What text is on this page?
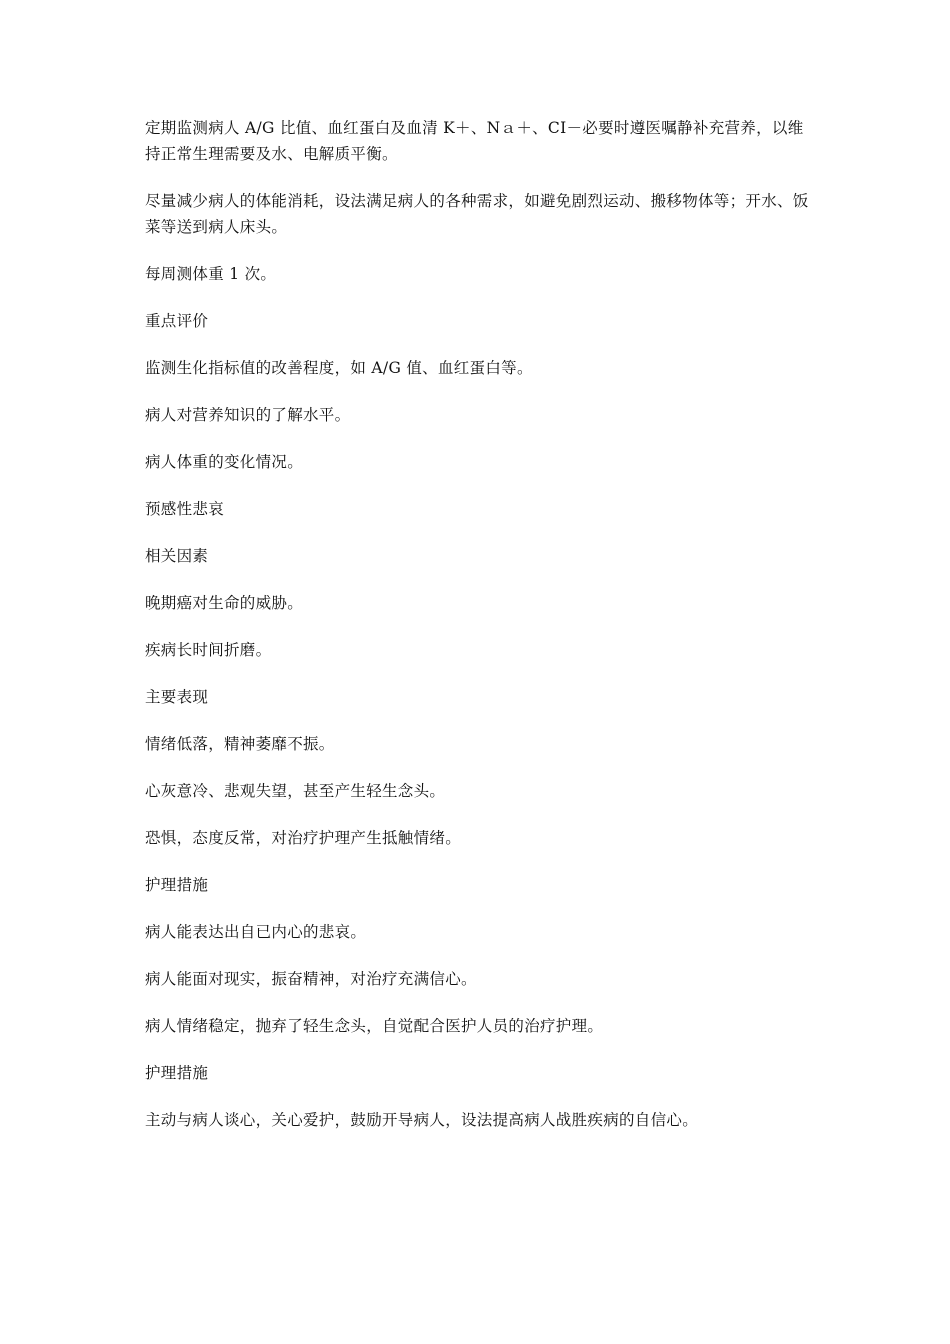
定期监测病人 A/G 比值、血红蛋白及血清 K＋、Nａ＋、CI－必要时遵医嘱静补充营养，以维持正常生理需要及水、电解质平衡。

尽量减少病人的体能消耗，设法满足病人的各种需求，如避免剧烈运动、搬移物体等；开水、饭菜等送到病人床头。

每周测体重 1 次。

重点评价

监测生化指标值的改善程度，如 A/G 值、血红蛋白等。

病人对营养知识的了解水平。

病人体重的变化情况。

预感性悲哀

相关因素

晚期癌对生命的威胁。

疾病长时间折磨。

主要表现

情绪低落，精神萎靡不振。

心灰意冷、悲观失望，甚至产生轻生念头。

恐惧，态度反常，对治疗护理产生抵触情绪。

护理措施

病人能表达出自已内心的悲哀。

病人能面对现实，振奋精神，对治疗充满信心。

病人情绪稳定，抛弃了轻生念头，自觉配合医护人员的治疗护理。

护理措施

主动与病人谈心，关心爱护，鼓励开导病人，设法提高病人战胜疾病的自信心。
